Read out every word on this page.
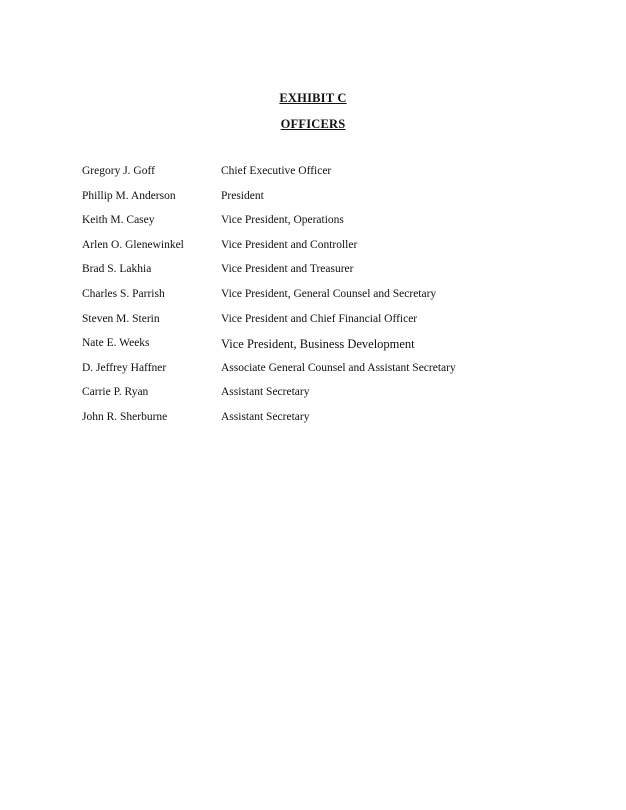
EXHIBIT C
OFFICERS
Gregory J. Goff	Chief Executive Officer
Phillip M. Anderson	President
Keith M. Casey	Vice President, Operations
Arlen O. Glenewinkel	Vice President and Controller
Brad S. Lakhia	Vice President and Treasurer
Charles S. Parrish	Vice President, General Counsel and Secretary
Steven M. Sterin	Vice President and Chief Financial Officer
Nate E. Weeks	Vice President, Business Development
D. Jeffrey Haffner	Associate General Counsel and Assistant Secretary
Carrie P. Ryan	Assistant Secretary
John R. Sherburne	Assistant Secretary
